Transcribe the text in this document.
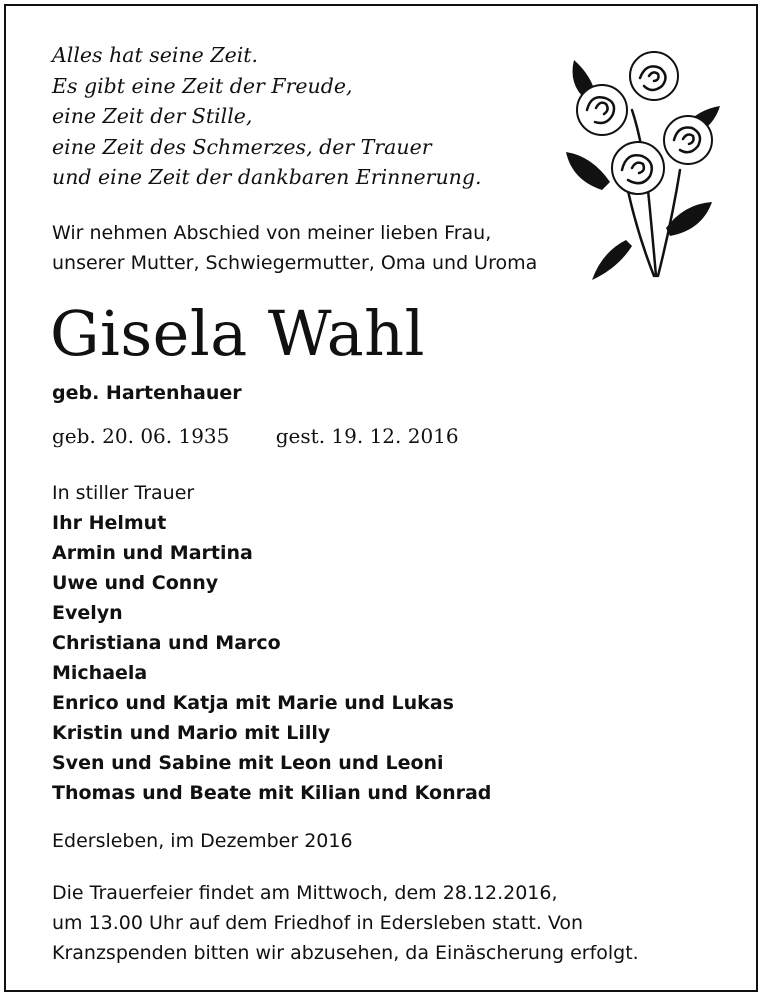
Alles hat seine Zeit.
Es gibt eine Zeit der Freude,
eine Zeit der Stille,
eine Zeit des Schmerzes, der Trauer
und eine Zeit der dankbaren Erinnerung.
Wir nehmen Abschied von meiner lieben Frau,
unserer Mutter, Schwiegermutter, Oma und Uroma
Gisela Wahl
geb. Hartenhauer
geb. 20. 06. 1935 gest. 19. 12. 2016
In stiller Trauer
Ihr Helmut
Armin und Martina
Uwe und Conny
Evelyn
Christiana und Marco
Michaela
Enrico und Katja mit Marie und Lukas
Kristin und Mario mit Lilly
Sven und Sabine mit Leon und Leoni
Thomas und Beate mit Kilian und Konrad
Edersleben, im Dezember 2016
Die Trauerfeier findet am Mittwoch, dem 28.12.2016,
um 13.00 Uhr auf dem Friedhof in Edersleben statt. Von
Kranzspenden bitten wir abzusehen, da Einäscherung erfolgt.
